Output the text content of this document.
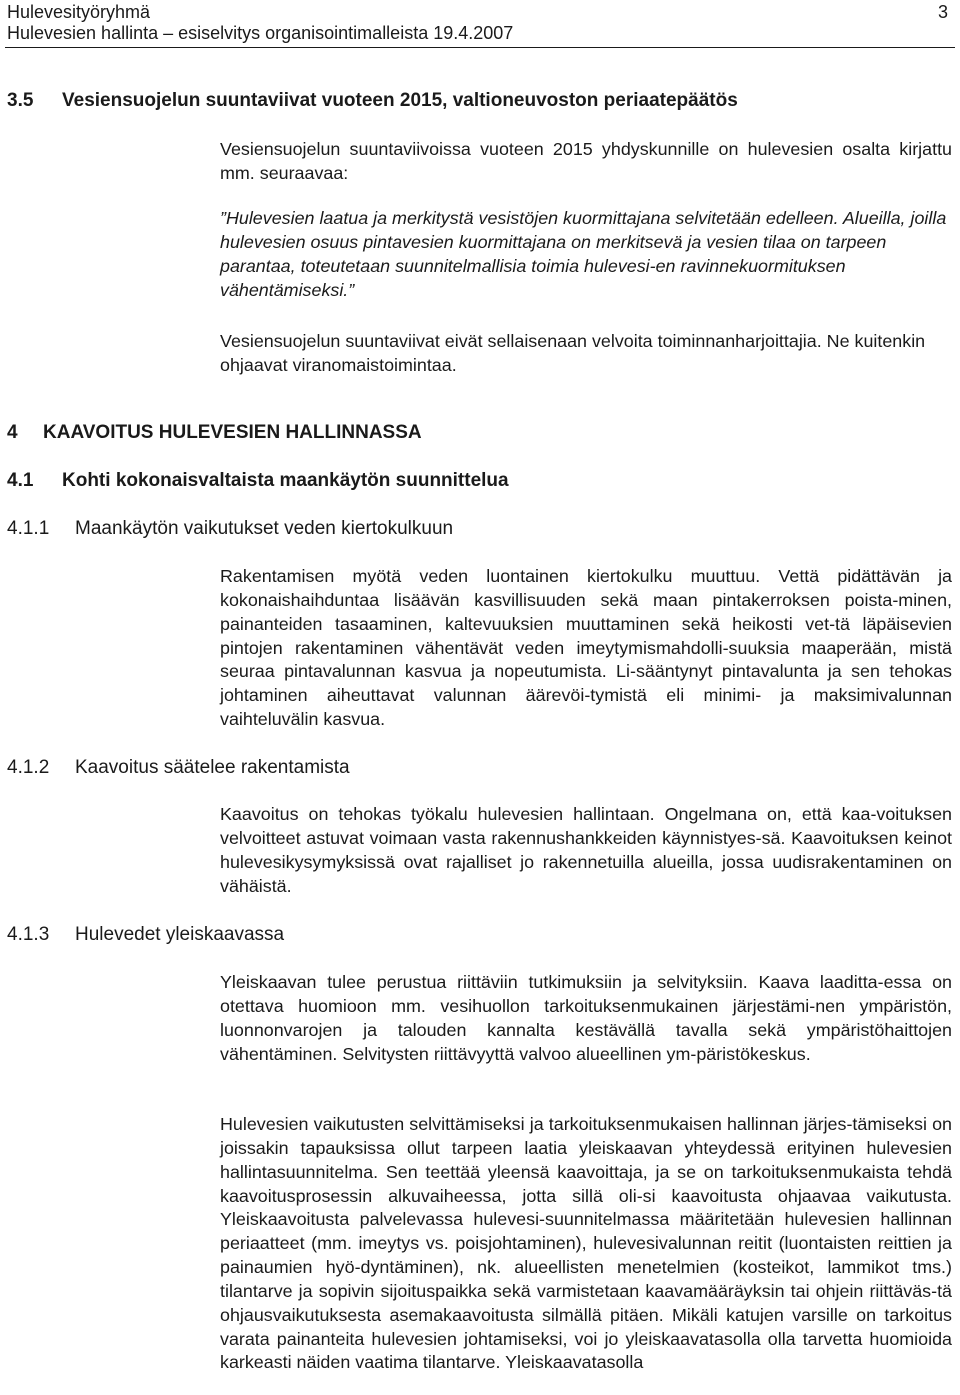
Hulevesityöryhmä
Hulevesien hallinta – esiselvitys organisointimalleista 19.4.2007
3
3.5 Vesiensuojelun suuntaviivat vuoteen 2015, valtioneuvoston periaatepäätös

Vesiensuojelun suuntaviivoissa vuoteen 2015 yhdyskunnille on hulevesien osalta kirjattu mm. seuraavaa:

”Hulevesien laatua ja merkitystä vesistöjen kuormittajana selvitetään edelleen. Alueilla, joilla hulevesien osuus pintavesien kuormittajana on merkitsevä ja vesien tilaa on tarpeen parantaa, toteutetaan suunnitelmallisia toimia hulevesi-en ravinnekuormituksen vähentämiseksi.”

Vesiensuojelun suuntaviivat eivät sellaisenaan velvoita toiminnanharjoittajia. Ne kuitenkin ohjaavat viranomaistoimintaa.

4 KAAVOITUS HULEVESIEN HALLINNASSA
4.1 Kohti kokonaisvaltaista maankäytön suunnittelua
4.1.1 Maankäytön vaikutukset veden kiertokulkuun

Rakentamisen myötä veden luontainen kiertokulku muuttuu. Vettä pidättävän ja kokonaishaihduntaa lisäävän kasvillisuuden sekä maan pintakerroksen poista-minen, painanteiden tasaaminen, kaltevuuksien muuttaminen sekä heikosti vet-tä läpäisevien pintojen rakentaminen vähentävät veden imeytymismahdolli-suuksia maaperään, mistä seuraa pintavalunnan kasvua ja nopeutumista. Li-sääntynyt pintavalunta ja sen tehokas johtaminen aiheuttavat valunnan äärevöi-tymistä eli minimi- ja maksimivalunnan vaihteluvälin kasvua.

4.1.2 Kaavoitus säätelee rakentamista

Kaavoitus on tehokas työkalu hulevesien hallintaan. Ongelmana on, että kaa-voituksen velvoitteet astuvat voimaan vasta rakennushankkeiden käynnistyes-sä. Kaavoituksen keinot hulevesikysymyksissä ovat rajalliset jo rakennetuilla alueilla, jossa uudisrakentaminen on vähäistä.

4.1.3 Hulevedet yleiskaavassa

Yleiskaavan tulee perustua riittäviin tutkimuksiin ja selvityksiin. Kaava laaditta-essa on otettava huomioon mm. vesihuollon tarkoituksenmukainen järjestämi-nen ympäristön, luonnonvarojen ja talouden kannalta kestävällä tavalla sekä ympäristöhaittojen vähentäminen. Selvitysten riittävyyttä valvoo alueellinen ym-päristökeskus.

Hulevesien vaikutusten selvittämiseksi ja tarkoituksenmukaisen hallinnan järjes-tämiseksi on joissakin tapauksissa ollut tarpeen laatia yleiskaavan yhteydessä erityinen hulevesien hallintasuunnitelma. Sen teettää yleensä kaavoittaja, ja se on tarkoituksenmukaista tehdä kaavoitusprosessin alkuvaiheessa, jotta sillä oli-si kaavoitusta ohjaavaa vaikutusta. Yleiskaavoitusta palvelevassa hulevesi-suunnitelmassa määritetään hulevesien hallinnan periaatteet (mm. imeytys vs. poisjohtaminen), hulevesivalunnan reitit (luontaisten reittien ja painaumien hyö-dyntäminen), nk. alueellisten menetelmien (kosteikot, lammikot tms.) tilantarve ja sopivin sijoituspaikka sekä varmistetaan kaavamääräyksin tai ohjein riittäväs-tä ohjausvaikutuksesta asemakaavoitusta silmällä pitäen. Mikäli katujen varsille on tarkoitus varata painanteita hulevesien johtamiseksi, voi jo yleiskaavatasolla olla tarvetta huomioida karkeasti näiden vaatima tilantarve. Yleiskaavatasolla
